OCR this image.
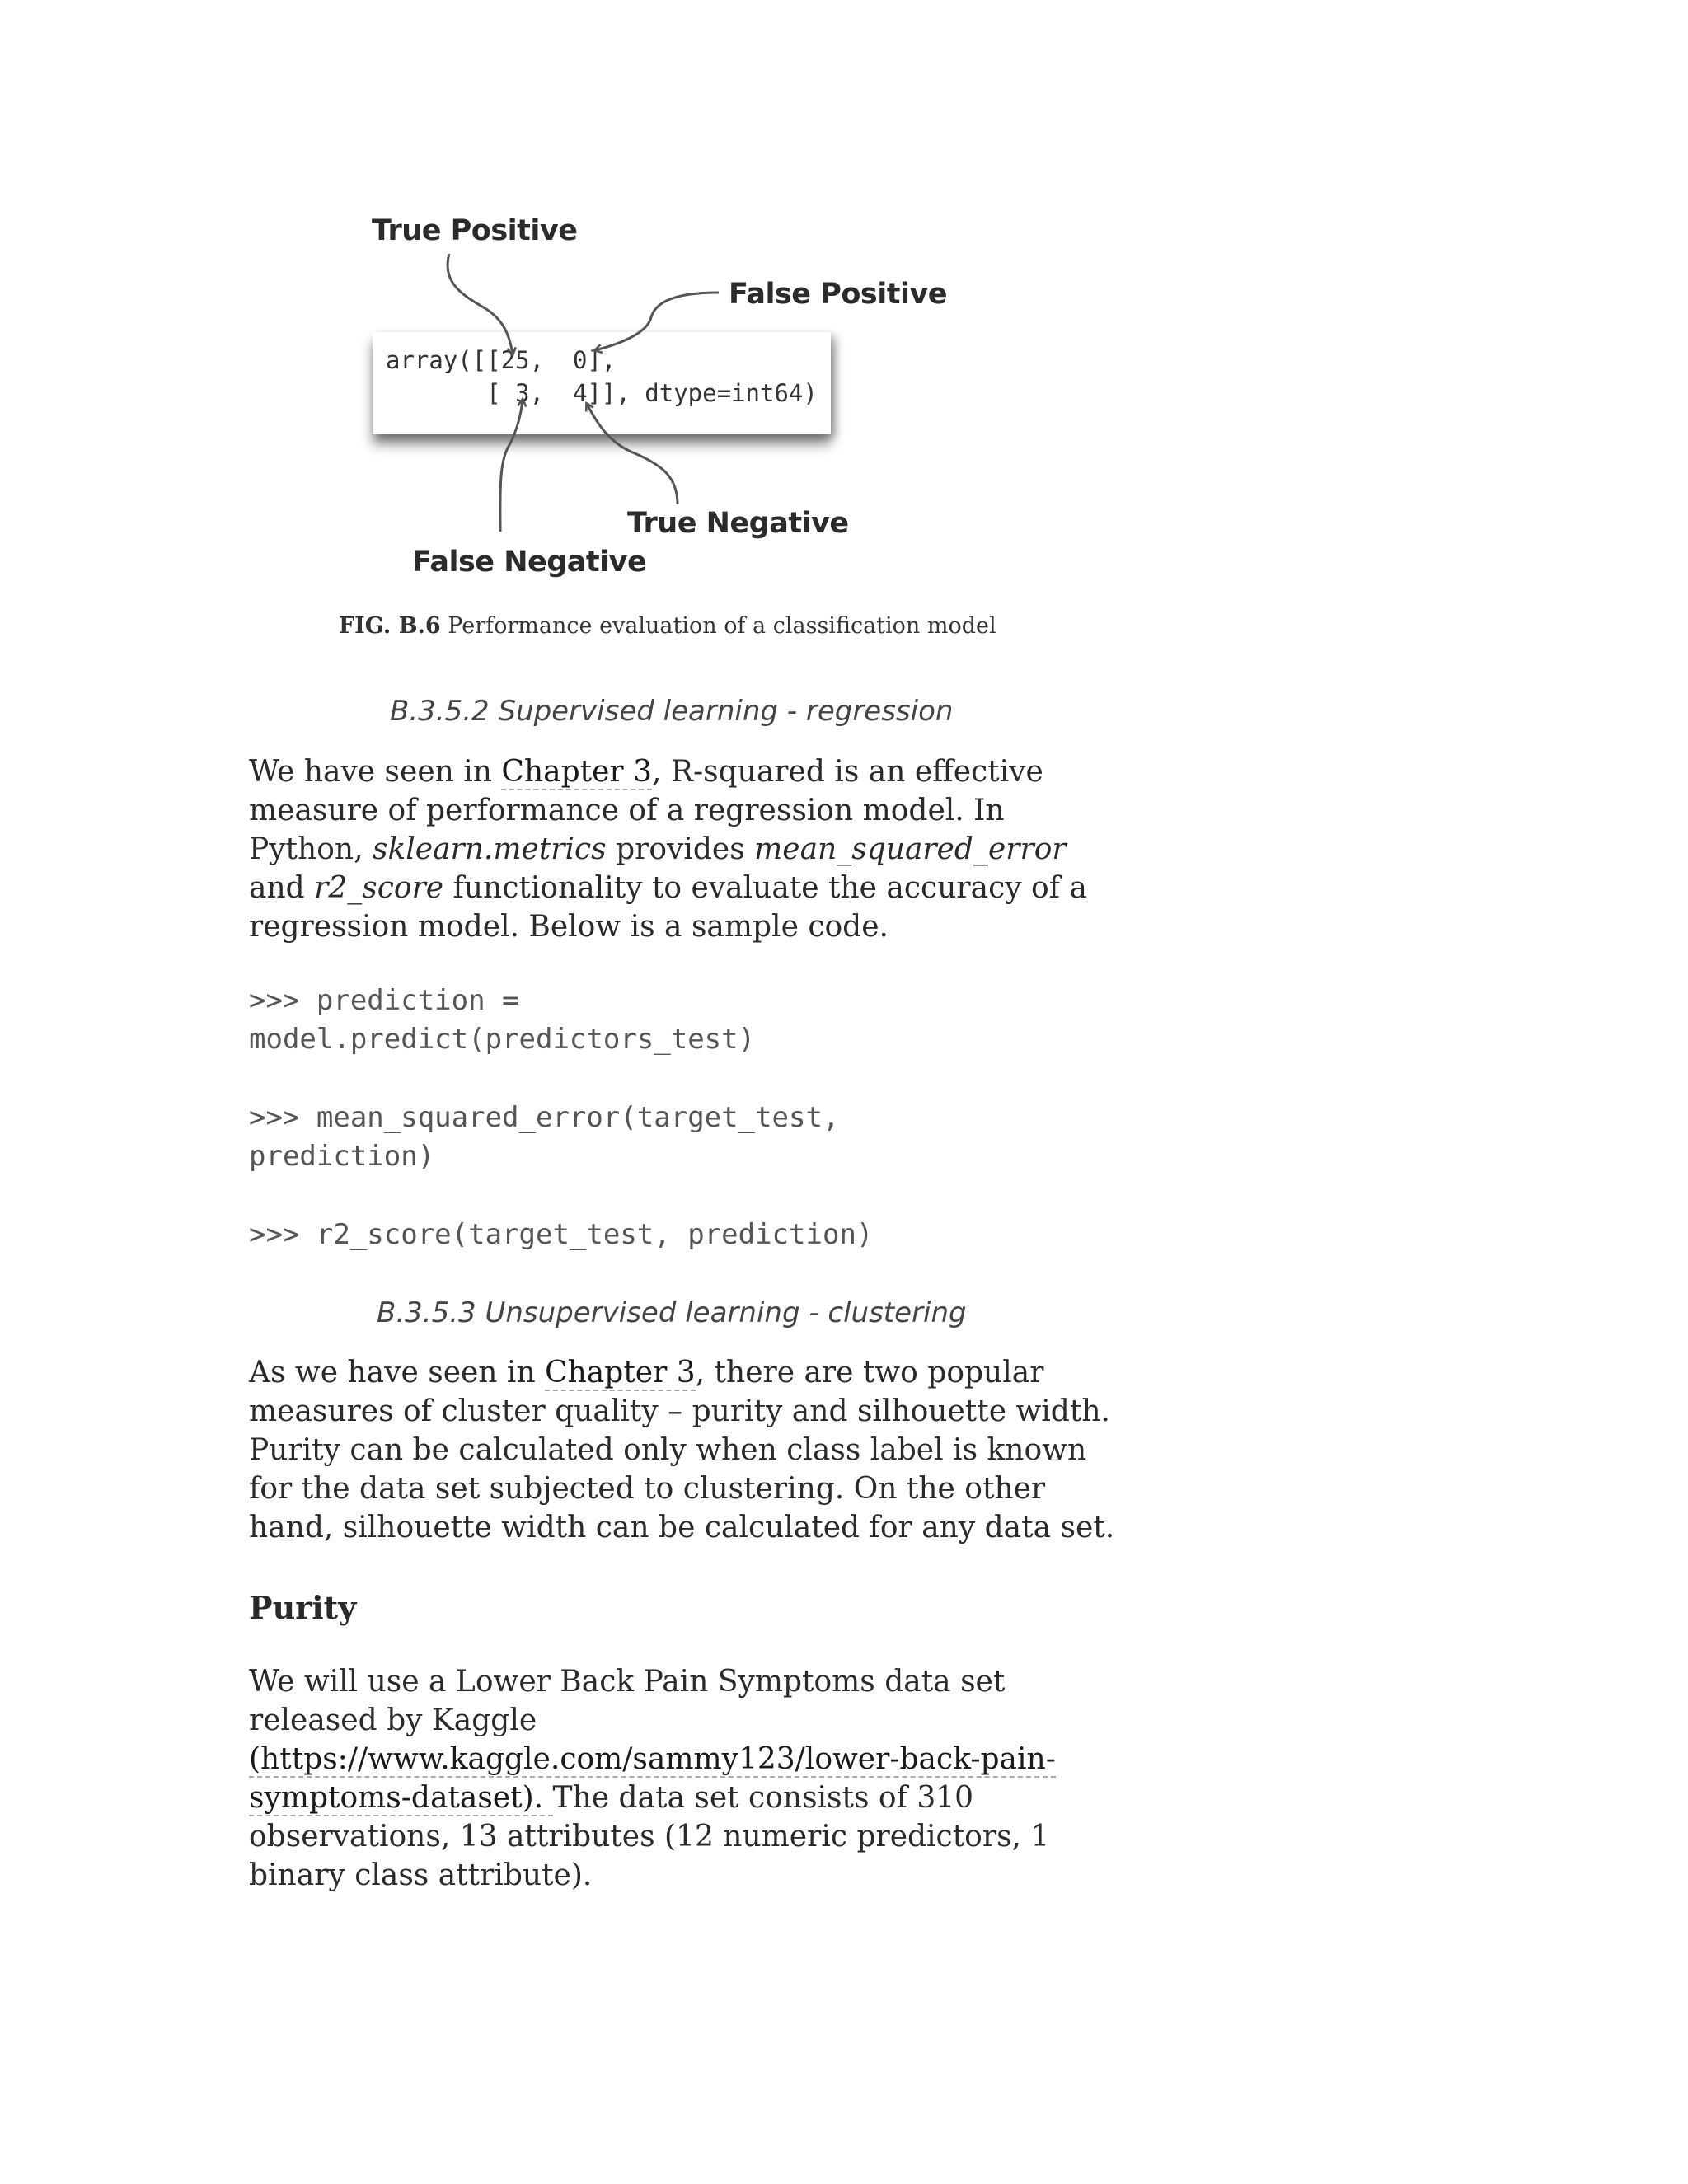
True Positive
False Positive
array([[25,  0],
[ 3,  4]], dtype=int64)
True Negative
False Negative
FIG. B.6 Performance evaluation of a classification model
B.3.5.2 Supervised learning - regression
We have seen in Chapter 3, R-squared is an effective
measure of performance of a regression model. In
Python, sklearn.metrics provides mean_squared_error
and r2_score functionality to evaluate the accuracy of a
regression model. Below is a sample code.
>>> prediction =
model.predict(predictors_test)
>>> mean_squared_error(target_test,
prediction)
>>> r2_score(target_test, prediction)
B.3.5.3 Unsupervised learning - clustering
As we have seen in Chapter 3, there are two popular
measures of cluster quality – purity and silhouette width.
Purity can be calculated only when class label is known
for the data set subjected to clustering. On the other
hand, silhouette width can be calculated for any data set.
Purity
We will use a Lower Back Pain Symptoms data set
released by Kaggle
(https://www.kaggle.com/sammy123/lower-back-pain-
symptoms-dataset). The data set consists of 310
observations, 13 attributes (12 numeric predictors, 1
binary class attribute).
